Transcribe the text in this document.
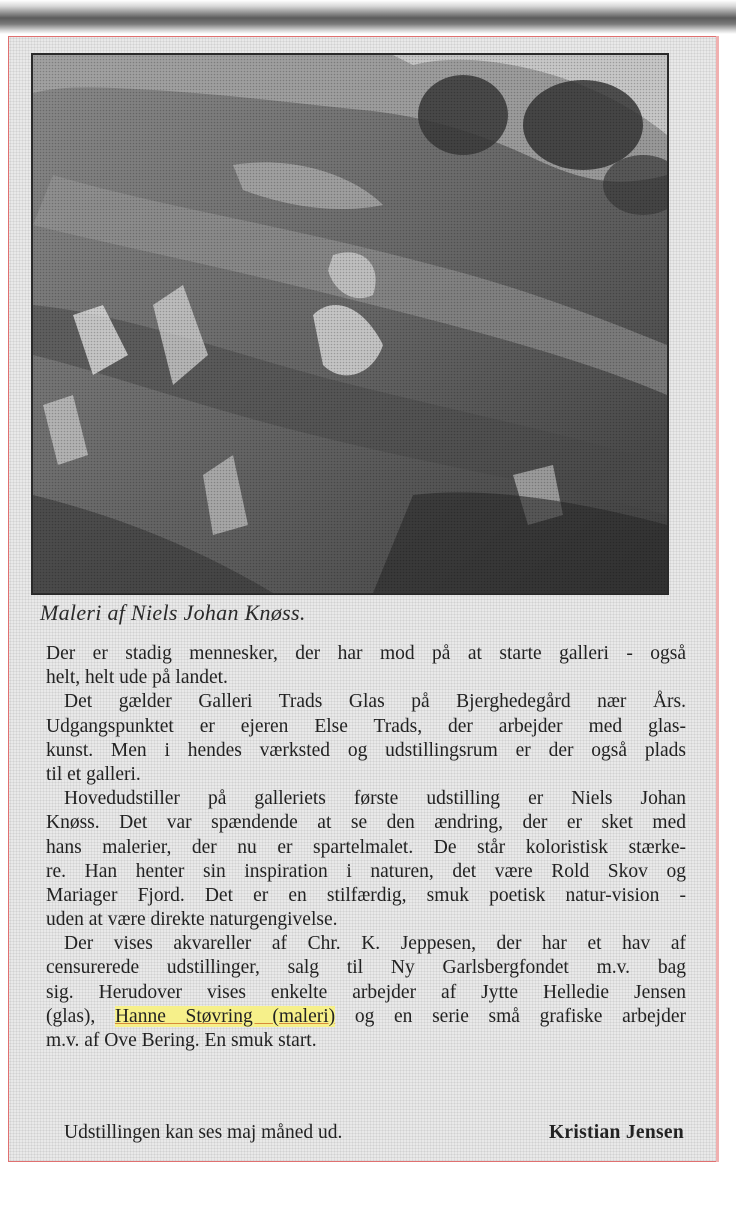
Maleri af Niels Johan Knøss.
Der er stadig mennesker, der har mod på at starte galleri - også
helt, helt ude på landet.
Det gælder Galleri Trads Glas på Bjerghedegård nær Års.
Udgangspunktet er ejeren Else Trads, der arbejder med glas-
kunst. Men i hendes værksted og udstillingsrum er der også plads
til et galleri.
Hovedudstiller på galleriets første udstilling er Niels Johan
Knøss. Det var spændende at se den ændring, der er sket med
hans malerier, der nu er spartelmalet. De står koloristisk stærke-
re. Han henter sin inspiration i naturen, det være Rold Skov og
Mariager Fjord. Det er en stilfærdig, smuk poetisk natur-vision -
uden at være direkte naturgengivelse.
Der vises akvareller af Chr. K. Jeppesen, der har et hav af
censurerede udstillinger, salg til Ny Garlsbergfondet m.v. bag
sig. Herudover vises enkelte arbejder af Jytte Helledie Jensen
(glas), Hanne Støvring (maleri) og en serie små grafiske arbejder
m.v. af Ove Bering. En smuk start.
Udstillingen kan ses maj måned ud.	Kristian Jensen
